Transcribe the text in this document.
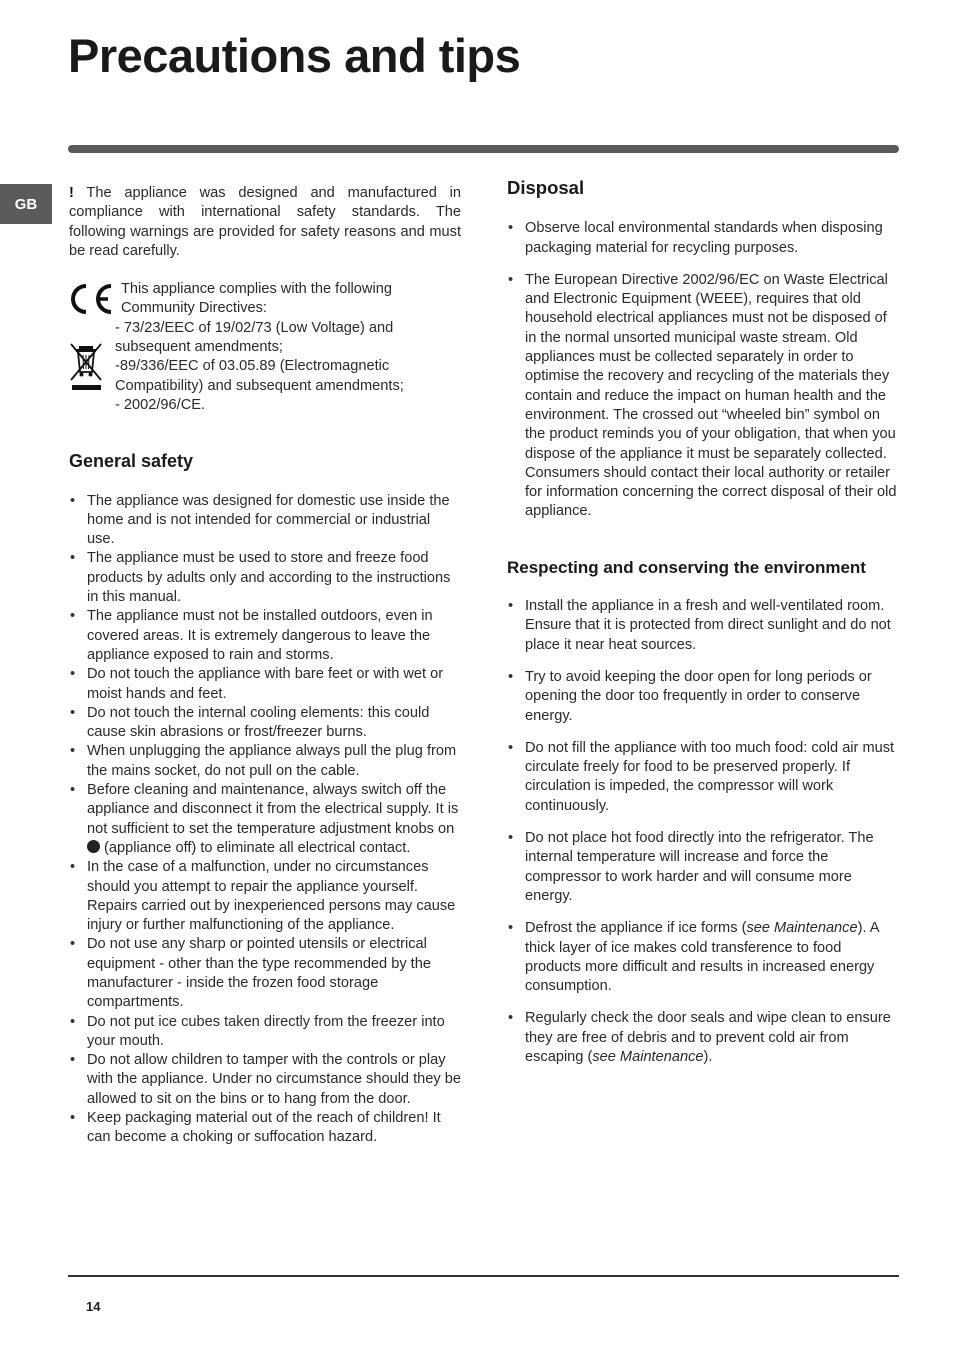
Precautions and tips
GB

! The appliance was designed and manufactured in compliance with international safety standards. The following warnings are provided for safety reasons and must be read carefully.

This appliance complies with the following Community Directives:

- 73/23/EEC of 19/02/73 (Low Voltage) and subsequent amendments;

-89/336/EEC of 03.05.89 (Electromagnetic Compatibility) and subsequent amendments;

- 2002/96/CE.

General safety
• The appliance was designed for domestic use inside the home and is not intended for commercial or industrial use.
• The appliance must be used to store and freeze food products by adults only and according to the instructions in this manual.
• The appliance must not be installed outdoors, even in covered areas. It is extremely dangerous to leave the appliance exposed to rain and storms.
• Do not touch the appliance with bare feet or with wet or moist hands and feet.
• Do not touch the internal cooling elements: this could cause skin abrasions or frost/freezer burns.
• When unplugging the appliance always pull the plug from the mains socket, do not pull on the cable.
• Before cleaning and maintenance, always switch off the appliance and disconnect it from the electrical supply. It is not sufficient to set the temperature adjustment knobs on  (appliance off) to eliminate all electrical contact.
• In the case of a malfunction, under no circumstances should you attempt to repair the appliance yourself. Repairs carried out by inexperienced persons may cause injury or further malfunctioning of the appliance.
• Do not use any sharp or pointed utensils or electrical equipment - other than the type recommended by the manufacturer - inside the frozen food storage compartments.
• Do not put ice cubes taken directly from the freezer into your mouth.
• Do not allow children to tamper with the controls or play with the appliance. Under no circumstance should they be allowed to sit on the bins or to hang from the door.
• Keep packaging material out of the reach of children! It can become a choking or suffocation hazard.
Disposal
• Observe local environmental standards when disposing packaging material for recycling purposes.
• The European Directive 2002/96/EC on Waste Electrical and Electronic Equipment (WEEE), requires that old household electrical appliances must not be disposed of in the normal unsorted municipal waste stream. Old appliances must be collected separately in order to optimise the recovery and recycling of the materials they contain and reduce the impact on human health and the environment. The crossed out “wheeled bin” symbol on the product reminds you of your obligation, that when you dispose of the appliance it must be separately collected.
Consumers should contact their local authority or retailer for information concerning the correct disposal of their old appliance.
Respecting and conserving the environment
• Install the appliance in a fresh and well-ventilated room. Ensure that it is protected from direct sunlight and do not place it near heat sources.
• Try to avoid keeping the door open for long periods or opening the door too frequently in order to conserve energy.
• Do not fill the appliance with too much food: cold air must circulate freely for food to be preserved properly. If circulation is impeded, the compressor will work continuously.
• Do not place hot food directly into the refrigerator. The internal temperature will increase and force the compressor to work harder and will consume more energy.
• Defrost the appliance if ice forms (see Maintenance). A thick layer of ice makes cold transference to food products more difficult and results in increased energy consumption.
• Regularly check the door seals and wipe clean to ensure they are free of debris and to prevent cold air from escaping (see Maintenance).
14
